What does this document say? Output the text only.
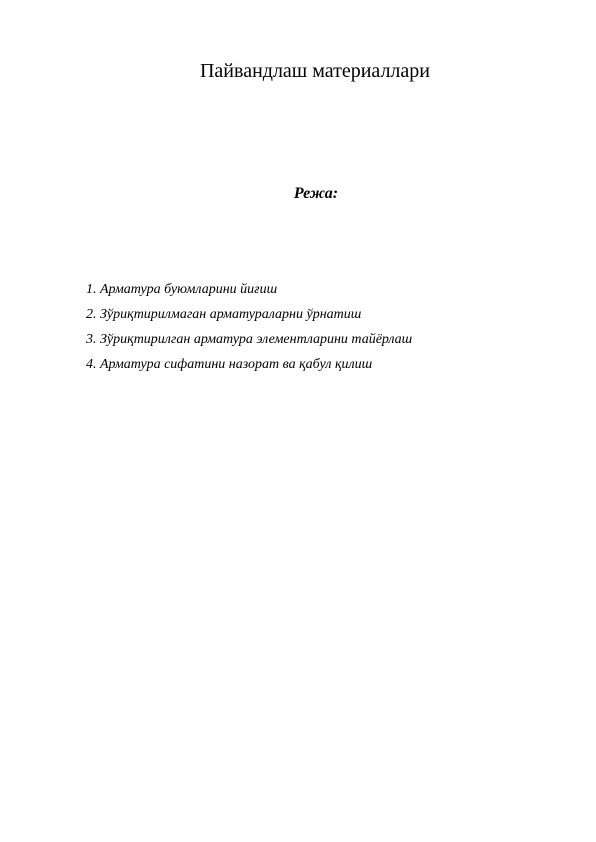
Пайвандлаш материаллари
Режа:
1. Арматура буюмларини йиғиш
2. Зўриқтирилмаган арматураларни ўрнатиш
3. Зўриқтирилган арматура элементларини тайёрлаш
4. Арматура сифатини назорат ва қабул қилиш
